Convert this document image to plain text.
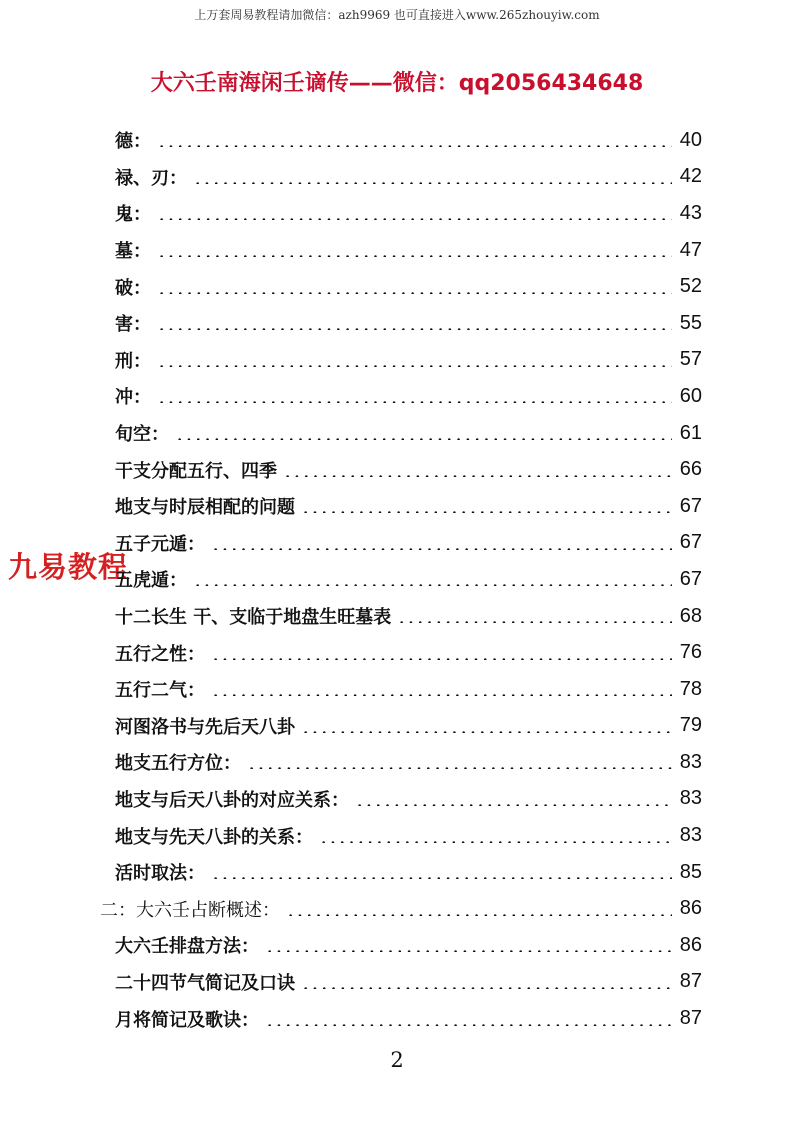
上万套周易教程请加微信：azh9969 也可直接进入www.265zhouyiw.com
大六壬南海闲壬谪传——微信：qq2056434648
九易教程
德：	40
禄、刃：	42
鬼：	43
墓：	47
破：	52
害：	55
刑：	57
冲：	60
旬空：	61
干支分配五行、四季	66
地支与时辰相配的问题	67
五子元遁：	67
五虎遁：	67
十二长生 干、支临于地盘生旺墓表	68
五行之性：	76
五行二气：	78
河图洛书与先后天八卦	79
地支五行方位：	83
地支与后天八卦的对应关系：	83
地支与先天八卦的关系：	83
活时取法：	85
二：大六壬占断概述：	86
大六壬排盘方法：	86
二十四节气简记及口诀	87
月将简记及歌诀：	87
2
